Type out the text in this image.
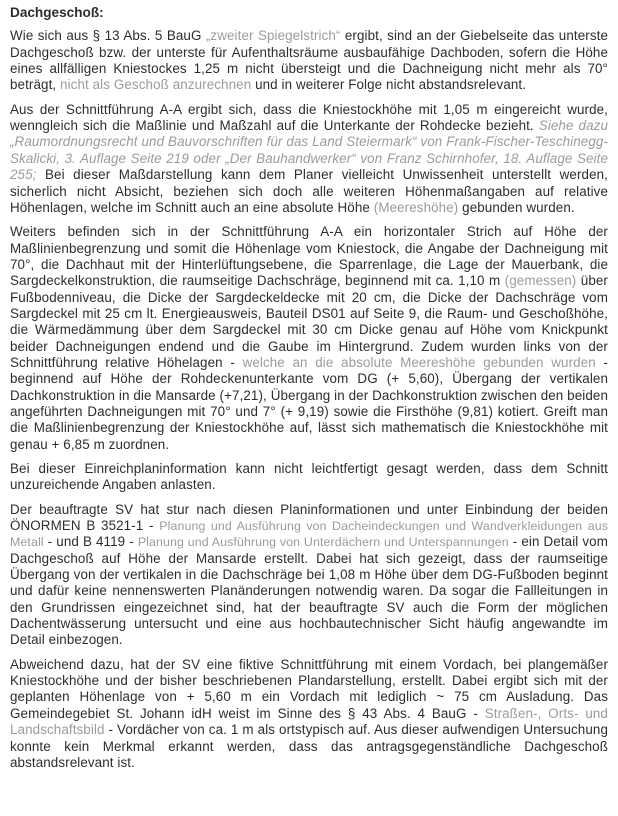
Dachgeschoß:

Wie sich aus § 13 Abs. 5 BauG „zweiter Spiegelstrich“ ergibt, sind an der Giebelseite das unterste Dachgeschoß bzw. der unterste für Aufenthaltsräume ausbaufähige Dachboden, sofern die Höhe eines allfälligen Kniestockes 1,25 m nicht übersteigt und die Dachneigung nicht mehr als 70° beträgt, nicht als Geschoß anzurechnen und in weiterer Folge nicht abstandsrelevant.

Aus der Schnittführung A-A ergibt sich, dass die Kniestockhöhe mit 1,05 m eingereicht wurde, wenngleich sich die Maßlinie und Maßzahl auf die Unterkante der Rohdecke bezieht. Siehe dazu „Raumordnungsrecht und Bauvorschriften für das Land Steiermark“ von Frank-Fischer-Teschinegg-Skalicki, 3. Auflage Seite 219 oder „Der Bauhandwerker“ von Franz Schirnhofer, 18. Auflage Seite 255; Bei dieser Maßdarstellung kann dem Planer vielleicht Unwissenheit unterstellt werden, sicherlich nicht Absicht, beziehen sich doch alle weiteren Höhenmaßangaben auf relative Höhenlagen, welche im Schnitt auch an eine absolute Höhe (Meereshöhe) gebunden wurden.

Weiters befinden sich in der Schnittführung A-A ein horizontaler Strich auf Höhe der Maßlinienbegrenzung und somit die Höhenlage vom Kniestock, die Angabe der Dachneigung mit 70°, die Dachhaut mit der Hinterlüftungsebene, die Sparrenlage, die Lage der Mauerbank, die Sargdeckelkonstruktion, die raumseitige Dachschräge, beginnend mit ca. 1,10 m (gemessen) über Fußbodenniveau, die Dicke der Sargdeckeldecke mit 20 cm, die Dicke der Dachschräge vom Sargdeckel mit 25 cm lt. Energieausweis, Bauteil DS01 auf Seite 9, die Raum- und Geschoßhöhe, die Wärmedämmung über dem Sargdeckel mit 30 cm Dicke genau auf Höhe vom Knickpunkt beider Dachneigungen endend und die Gaube im Hintergrund. Zudem wurden links von der Schnittführung relative Höhelagen - welche an die absolute Meereshöhe gebunden wurden - beginnend auf Höhe der Rohdeckenunterkante vom DG (+ 5,60), Übergang der vertikalen Dachkonstruktion in die Mansarde (+7,21), Übergang in der Dachkonstruktion zwischen den beiden angeführten Dachneigungen mit 70° und 7° (+ 9,19) sowie die Firsthöhe (9,81) kotiert. Greift man die Maßlinienbegrenzung der Kniestockhöhe auf, lässt sich mathematisch die Kniestockhöhe mit genau + 6,85 m zuordnen.

Bei dieser Einreichplaninformation kann nicht leichtfertigt gesagt werden, dass dem Schnitt unzureichende Angaben anlasten.

Der beauftragte SV hat stur nach diesen Planinformationen und unter Einbindung der beiden ÖNORMEN B 3521-1 - Planung und Ausführung von Dacheindeckungen und Wandverkleidungen aus Metall - und B 4119 - Planung und Ausführung von Unterdächern und Unterspannungen - ein Detail vom Dachgeschoß auf Höhe der Mansarde erstellt. Dabei hat sich gezeigt, dass der raumseitige Übergang von der vertikalen in die Dachschräge bei 1,08 m Höhe über dem DG-Fußboden beginnt und dafür keine nennenswerten Planänderungen notwendig waren. Da sogar die Fallleitungen in den Grundrissen eingezeichnet sind, hat der beauftragte SV auch die Form der möglichen Dachentwässerung untersucht und eine aus hochbautechnischer Sicht häufig angewandte im Detail einbezogen.

Abweichend dazu, hat der SV eine fiktive Schnittführung mit einem Vordach, bei plangemäßer Kniestockhöhe und der bisher beschriebenen Plandarstellung, erstellt. Dabei ergibt sich mit der geplanten Höhenlage von + 5,60 m ein Vordach mit lediglich ~ 75 cm Ausladung. Das Gemeindegebiet St. Johann idH weist im Sinne des § 43 Abs. 4 BauG - Straßen-, Orts- und Landschaftsbild - Vordächer von ca. 1 m als ortstypisch auf. Aus dieser aufwendigen Untersuchung konnte kein Merkmal erkannt werden, dass das antragsgegenständliche Dachgeschoß abstandsrelevant ist.
